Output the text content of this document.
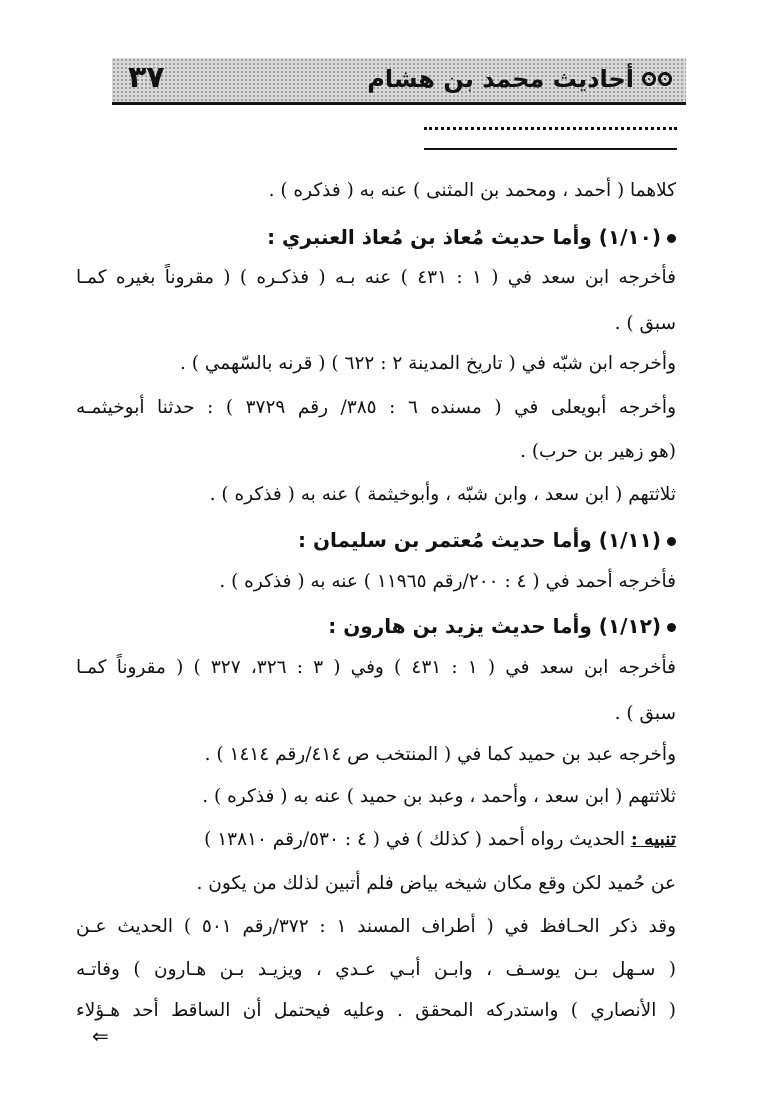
٣٧	أحاديث محمد بن هشام
كلاهما ( أحمد ، ومحمد بن المثنى ) عنه به ( فذكره ) .
(١/١٠) وأما حديث مُعاذ بن مُعاذ العنبري :
فأخرجه ابن سعد في ( ١ : ٤٣١ ) عنه بـه ( فذكـره ) ( مقروناً بغيره كمـا
سبق ) .
وأخرجه ابن شبّه في ( تاريخ المدينة ٢ : ٦٢٢ ) ( قرنه بالسّهمي ) .
وأخرجه أبويعلى في ( مسنده ٦ : ٣٨٥/ رقم ٣٧٢٩ ) : حدثنا أبوخيثمـه
(هو زهير بن حرب) .
ثلاثتهم ( ابن سعد ، وابن شبّه ، وأبوخيثمة ) عنه به ( فذكره ) .
(١/١١) وأما حديث مُعتمر بن سليمان :
فأخرجه أحمد في ( ٤ : ٢٠٠/رقم ١١٩٦٥ ) عنه به ( فذكره ) .
(١/١٢) وأما حديث يزيد بن هارون :
فأخرجه ابن سعد في ( ١ : ٤٣١ ) وفي ( ٣ : ٣٢٦، ٣٢٧ ) ( مقروناً كمـا
سبق ) .
وأخرجه عبد بن حميد كما في ( المنتخب ص ٤١٤/رقم ١٤١٤ ) .
ثلاثتهم ( ابن سعد ، وأحمد ، وعبد بن حميد ) عنه به ( فذكره ) .
تنبيه : الحديث رواه أحمد ( كذلك ) في ( ٤ : ٥٣٠/رقم ١٣٨١٠ )
عن حُميد لكن وقع مكان شيخه بياض فلم أتبين لذلك من يكون .
وقد ذكر الحـافظ في ( أطراف المسند ١ : ٣٧٢/رقم ٥٠١ ) الحديث عـن
( سـهل بـن يوسـف ، وابـن أبـي عـدي ، ويزيـد بـن هـارون ) وفاتـه
( الأنصاري ) واستدركه المحقق . وعليه فيحتمل أن الساقط أحد هـؤلاء
⇐
